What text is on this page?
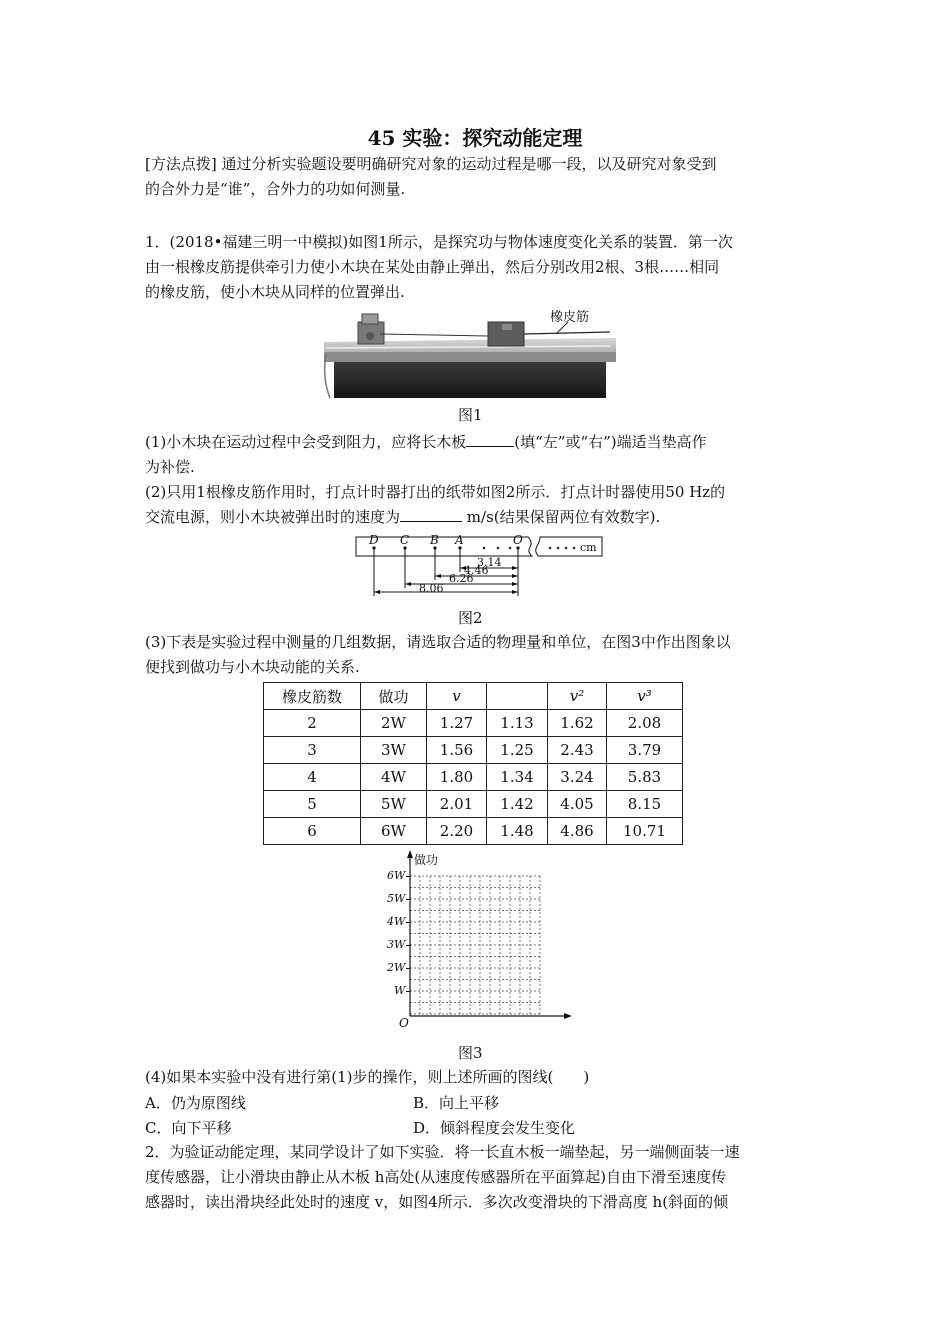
45 实验：探究动能定理
[方法点拨] 通过分析实验题设要明确研究对象的运动过程是哪一段，以及研究对象受到
的合外力是“谁”，合外力的功如何测量.
1．(2018•福建三明一中模拟)如图1所示，是探究功与物体速度变化关系的装置．第一次
由一根橡皮筋提供牵引力使小木块在某处由静止弹出，然后分别改用2根、3根……相同
的橡皮筋，使小木块从同样的位置弹出.
橡皮筋
图1
(1)小木块在运动过程中会受到阻力，应将长木板	(填“左”或“右”)端适当垫高作
为补偿.
(2)只用1根橡皮筋作用时，打点计时器打出的纸带如图2所示．打点计时器使用50 Hz的
交流电源，则小木块被弹出时的速度为	m/s(结果保留两位有效数字).
D C B A	O
cm
3.14
4.46
6.26
8.06
图2
(3)下表是实验过程中测量的几组数据，请选取合适的物理量和单位，在图3中作出图象以
便找到做功与小木块动能的关系.
橡皮筋数	做功	v		v²	v³
2	2W	1.27	1.13	1.62	2.08
3	3W	1.56	1.25	2.43	3.79
4	4W	1.80	1.34	3.24	5.83
5	5W	2.01	1.42	4.05	8.15
6	6W	2.20	1.48	4.86	10.71
做功
6W
5W
4W
3W
2W
W
O
图3
(4)如果本实验中没有进行第(1)步的操作，则上述所画的图线(　　)
A．仍为原图线	B．向上平移
C．向下平移	D．倾斜程度会发生变化
2．为验证动能定理，某同学设计了如下实验．将一长直木板一端垫起，另一端侧面装一速
度传感器，让小滑块由静止从木板 h高处(从速度传感器所在平面算起)自由下滑至速度传
感器时，读出滑块经此处时的速度 v，如图4所示．多次改变滑块的下滑高度 h(斜面的倾
